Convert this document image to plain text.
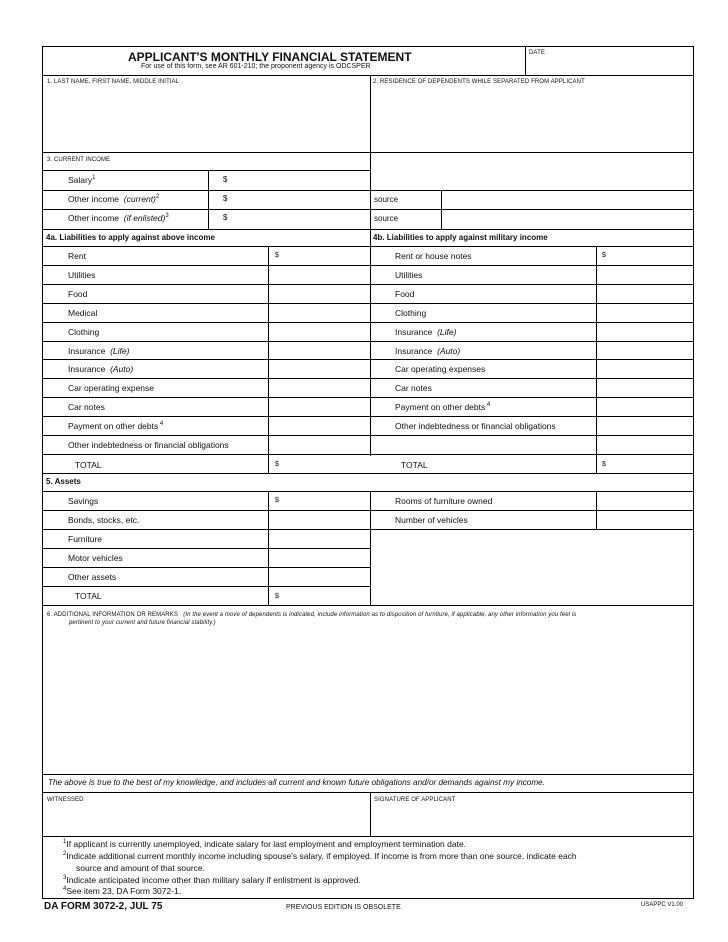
APPLICANT'S MONTHLY FINANCIAL STATEMENT
For use of this form, see AR 601-210; the proponent agency is ODCSPER
DATE
1. LAST NAME, FIRST NAME, MIDDLE INITIAL	2. RESIDENCE OF DEPENDENTS WHILE SEPARATED FROM APPLICANT
3. CURRENT INCOME
Salary$^1$	$
Other income (current)$^2$	$	source
Other income (if enlisted)$^3$	$	source
4a. Liabilities to apply against above income	4b. Liabilities to apply against military income
Rent	$
Utilities
Food
Medical
Clothing
Insurance  (Life)
Insurance  (Auto)
Car operating expense
Car notes
Payment on other debts $^4$
Other indebtedness or financial obligations
TOTAL	$
Rent or house notes	$
Utilities
Food
Clothing
Insurance  (Life)
Insurance  (Auto)
Car operating expenses
Car notes
Payment on other debts $^4$
Other indebtedness or financial obligations
TOTAL	$
5. Assets
Savings	$
Bonds, stocks, etc.
Furniture
Motor vehicles
Other assets
TOTAL	$
Rooms of furniture owned
Number of vehicles
6. ADDITIONAL INFORMATION OR REMARKS (In the event a move of dependents is indicated, include information as to disposition of furniture, if applicable, any other information you feel is
pertinent to your current and future financial stability.)
The above is true to the best of my knowledge, and includes all current and known future obligations and/or demands against my income.
WITNESSED	SIGNATURE OF APPLICANT
$^1$If applicant is currently unemployed, indicate salary for last employment and employment termination date.
$^2$Indicate additional current monthly income including spouse's salary, if employed. If income is from more than one source, indicate each
source and amount of that source.
$^3$Indicate anticipated income other than military salary if enlistment is approved.
$^4$See item 23, DA Form 3072-1.
DA FORM 3072-2, JUL 75	PREVIOUS EDITION IS OBSOLETE	USAPPC V1.00
